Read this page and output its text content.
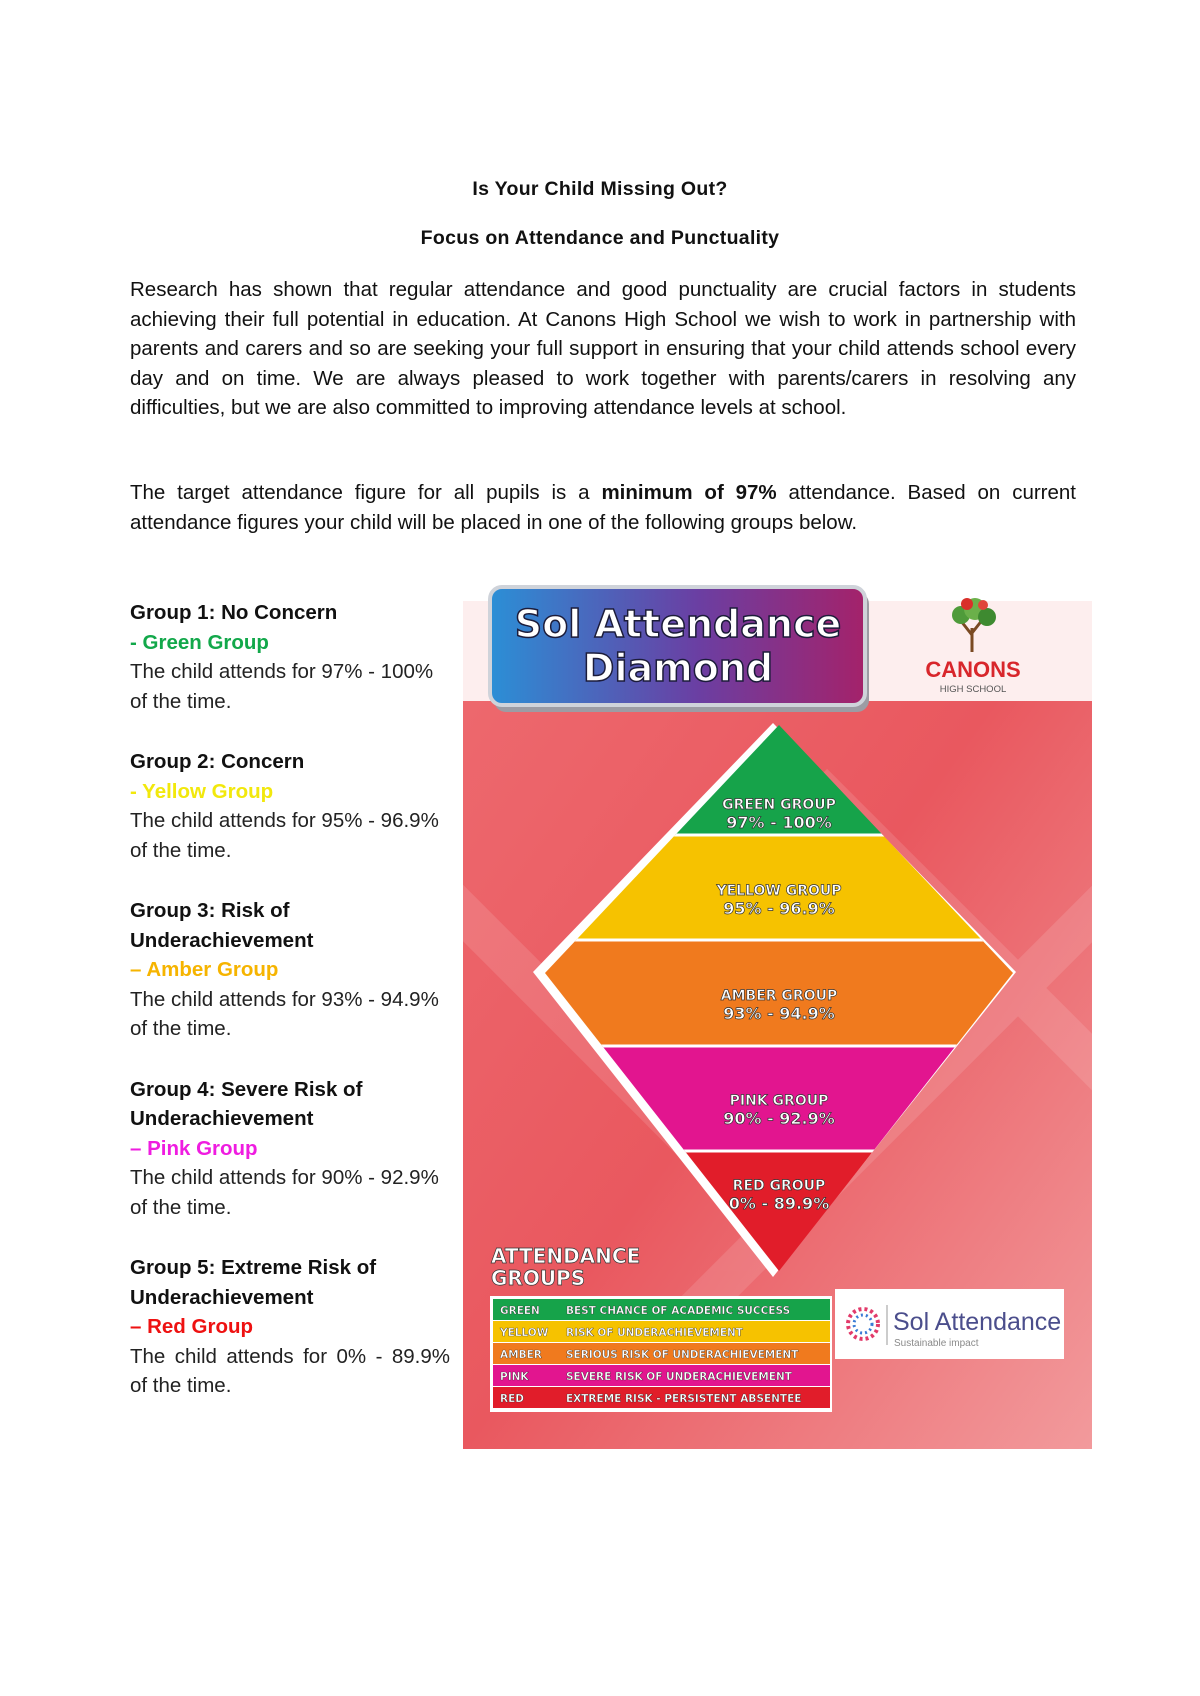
Is Your Child Missing Out?
Focus on Attendance and Punctuality

Research has shown that regular attendance and good punctuality are crucial factors in students achieving their full potential in education. At Canons High School we wish to work in partnership with parents and carers and so are seeking your full support in ensuring that your child attends school every day and on time. We are always pleased to work together with parents/carers in resolving any difficulties, but we are also committed to improving attendance levels at school.

The target attendance figure for all pupils is a minimum of 97% attendance. Based on current attendance figures your child will be placed in one of the following groups below.

Group 1: No Concern
- Green Group
The child attends for 97% - 100% of the time.
Group 2: Concern
- Yellow Group
The child attends for 95% - 96.9% of the time.
Group 3: Risk of Underachievement
– Amber Group
The child attends for 93% - 94.9% of the time.
Group 4: Severe Risk of Underachievement
– Pink Group
The child attends for 90% - 92.9% of the time.
Group 5: Extreme Risk of Underachievement
– Red Group
The child attends for 0% - 89.9% of the time.
Sol Attendance
Diamond	CANONS
HIGH SCHOOL
GREEN GROUP
97% - 100%
YELLOW GROUP
95% - 96.9%
AMBER GROUP
93% - 94.9%
PINK GROUP
90% - 92.9%
RED GROUP
0% - 89.9%
ATTENDANCE
GROUPS
GREEN BEST CHANCE OF ACADEMIC SUCCESS
YELLOW RISK OF UNDERACHIEVEMENT
AMBER SERIOUS RISK OF UNDERACHIEVEMENT
PINK	SEVERE RISK OF UNDERACHIEVEMENT
RED	EXTREME RISK - PERSISTENT ABSENTEE
Sol Attendance
Sustainable impact
